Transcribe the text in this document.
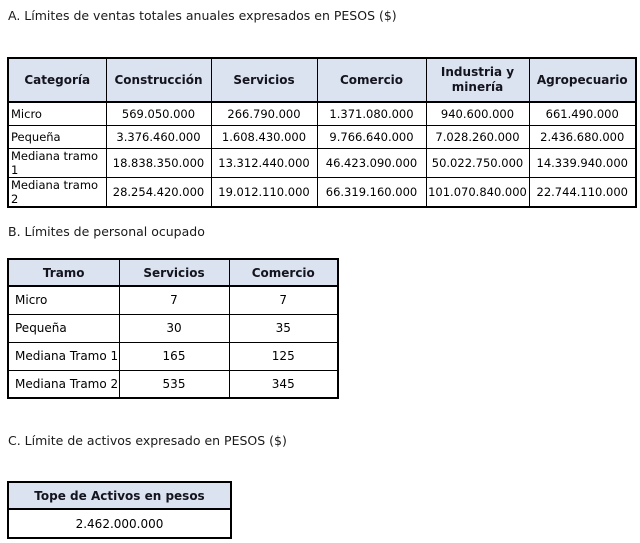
A. Límites de ventas totales anuales expresados en PESOS ($)
Categoría	Construcción	Servicios	Comercio	Industria y minería	Agropecuario
Micro	569.050.000	266.790.000	1.371.080.000	940.600.000	661.490.000
Pequeña	3.376.460.000	1.608.430.000	9.766.640.000	7.028.260.000	2.436.680.000
Mediana tramo 1	18.838.350.000	13.312.440.000	46.423.090.000	50.022.750.000	14.339.940.000
Mediana tramo 2	28.254.420.000	19.012.110.000	66.319.160.000	101.070.840.000	22.744.110.000
B. Límites de personal ocupado
Tramo	Servicios	Comercio
Micro	7	7
Pequeña	30	35
Mediana Tramo 1	165	125
Mediana Tramo 2	535	345
C. Límite de activos expresado en PESOS ($)
Tope de Activos en pesos
2.462.000.000
